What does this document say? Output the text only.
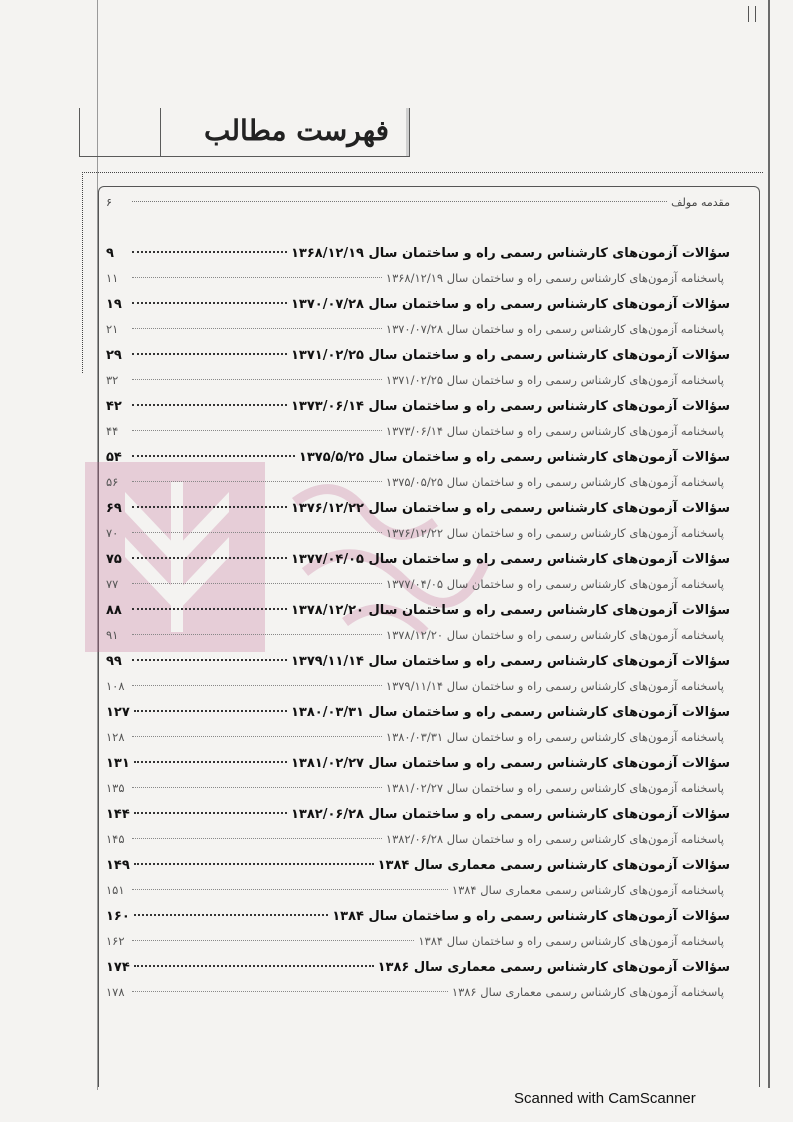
فهرست مطالب
مقدمه مولف
۶
سؤالات آزمون‌های کارشناس رسمی راه و ساختمان سال ۱۳۶۸/۱۲/۱۹
۹
پاسخنامه آزمون‌های کارشناس رسمی راه و ساختمان سال ۱۳۶۸/۱۲/۱۹
۱۱
سؤالات آزمون‌های کارشناس رسمی راه و ساختمان سال ۱۳۷۰/۰۷/۲۸
۱۹
پاسخنامه آزمون‌های کارشناس رسمی راه و ساختمان سال ۱۳۷۰/۰۷/۲۸
۲۱
سؤالات آزمون‌های کارشناس رسمی راه و ساختمان سال ۱۳۷۱/۰۲/۲۵
۲۹
پاسخنامه آزمون‌های کارشناس رسمی راه و ساختمان سال ۱۳۷۱/۰۲/۲۵
۳۲
سؤالات آزمون‌های کارشناس رسمی راه و ساختمان سال ۱۳۷۳/۰۶/۱۴
۴۲
پاسخنامه آزمون‌های کارشناس رسمی راه و ساختمان سال ۱۳۷۳/۰۶/۱۴
۴۴
سؤالات آزمون‌های کارشناس رسمی راه و ساختمان سال ۱۳۷۵/۵/۲۵
۵۴
پاسخنامه آزمون‌های کارشناس رسمی راه و ساختمان سال ۱۳۷۵/۰۵/۲۵
۵۶
سؤالات آزمون‌های کارشناس رسمی راه و ساختمان سال ۱۳۷۶/۱۲/۲۲
۶۹
پاسخنامه آزمون‌های کارشناس رسمی راه و ساختمان سال ۱۳۷۶/۱۲/۲۲
۷۰
سؤالات آزمون‌های کارشناس رسمی راه و ساختمان سال ۱۳۷۷/۰۴/۰۵
۷۵
پاسخنامه آزمون‌های کارشناس رسمی راه و ساختمان سال ۱۳۷۷/۰۴/۰۵
۷۷
سؤالات آزمون‌های کارشناس رسمی راه و ساختمان سال ۱۳۷۸/۱۲/۲۰
۸۸
پاسخنامه آزمون‌های کارشناس رسمی راه و ساختمان سال ۱۳۷۸/۱۲/۲۰
۹۱
سؤالات آزمون‌های کارشناس رسمی راه و ساختمان سال ۱۳۷۹/۱۱/۱۴
۹۹
پاسخنامه آزمون‌های کارشناس رسمی راه و ساختمان سال ۱۳۷۹/۱۱/۱۴
۱۰۸
سؤالات آزمون‌های کارشناس رسمی راه و ساختمان سال ۱۳۸۰/۰۳/۳۱
۱۲۷
پاسخنامه آزمون‌های کارشناس رسمی راه و ساختمان سال ۱۳۸۰/۰۳/۳۱
۱۲۸
سؤالات آزمون‌های کارشناس رسمی راه و ساختمان سال ۱۳۸۱/۰۲/۲۷
۱۳۱
پاسخنامه آزمون‌های کارشناس رسمی راه و ساختمان سال ۱۳۸۱/۰۲/۲۷
۱۳۵
سؤالات آزمون‌های کارشناس رسمی راه و ساختمان سال ۱۳۸۲/۰۶/۲۸
۱۴۴
پاسخنامه آزمون‌های کارشناس رسمی راه و ساختمان سال ۱۳۸۲/۰۶/۲۸
۱۴۵
سؤالات آزمون‌های کارشناس رسمی معماری سال ۱۳۸۴
۱۴۹
پاسخنامه آزمون‌های کارشناس رسمی معماری سال ۱۳۸۴
۱۵۱
سؤالات آزمون‌های کارشناس رسمی راه و ساختمان سال ۱۳۸۴
۱۶۰
پاسخنامه آزمون‌های کارشناس رسمی راه و ساختمان سال ۱۳۸۴
۱۶۲
سؤالات آزمون‌های کارشناس رسمی معماری سال ۱۳۸۶
۱۷۴
پاسخنامه آزمون‌های کارشناس رسمی معماری سال ۱۳۸۶
۱۷۸
Scanned with CamScanner
